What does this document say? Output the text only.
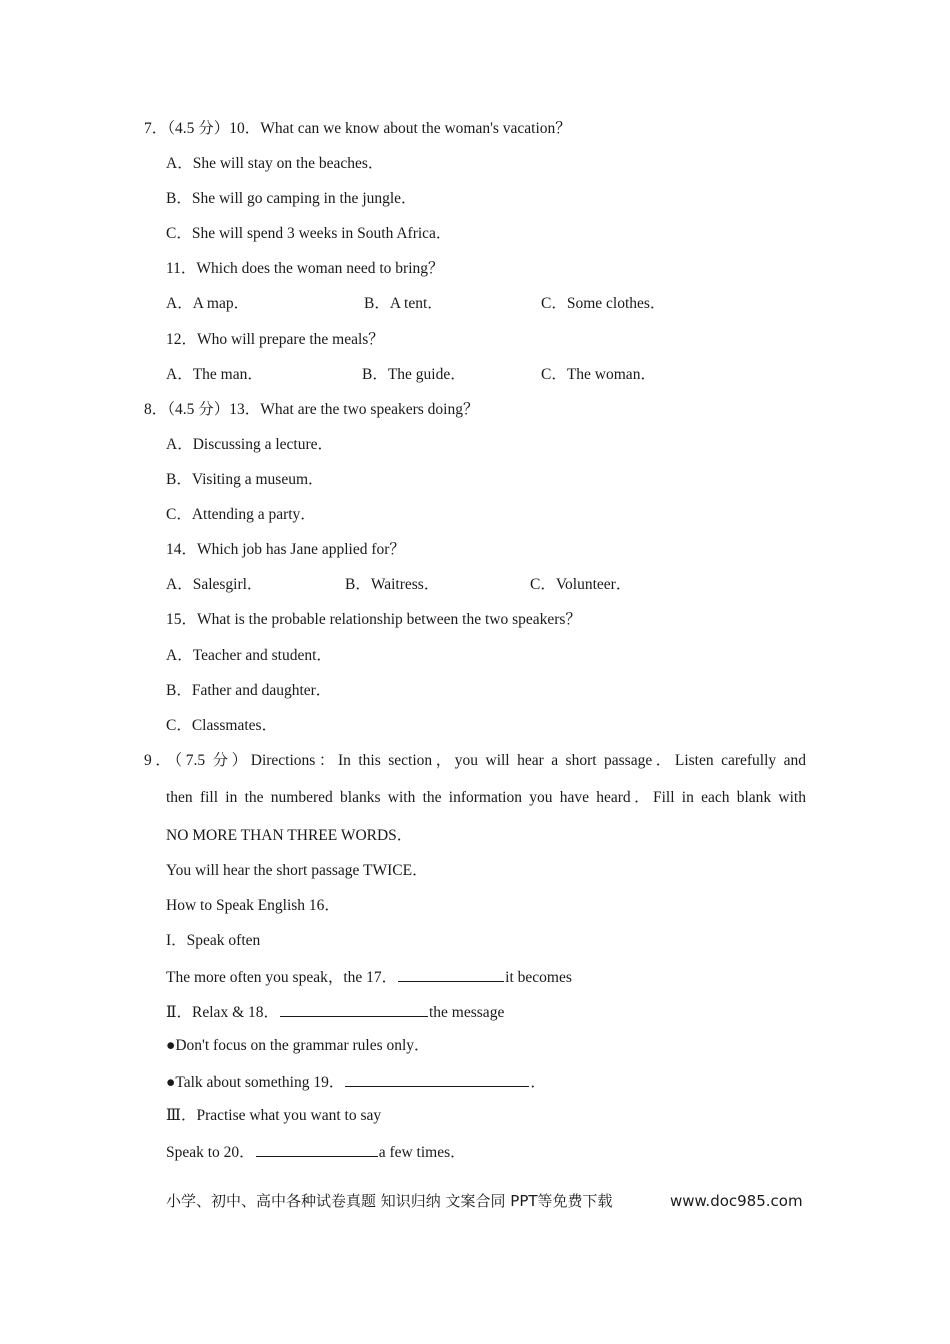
7．（4.5 分）10．What can we know about the woman's vacation？
A．She will stay on the beaches．
B．She will go camping in the jungle．
C．She will spend 3 weeks in South Africa．
11．Which does the woman need to bring？
A．A map．	B．A tent．	C．Some clothes．
12．Who will prepare the meals？
A．The man．	B．The guide．	C．The woman．
8．（4.5 分）13．What are the two speakers doing？
A．Discussing a lecture．
B．Visiting a museum．
C．Attending a party．
14．Which job has Jane applied for？
A．Salesgirl．	B．Waitress．	C．Volunteer．
15．What is the probable relationship between the two speakers？
A．Teacher and student．
B．Father and daughter．
C．Classmates．
9．（7.5 分）Directions：In this section，you will hear a short passage．Listen carefully and
then fill in the numbered blanks with the information you have heard．Fill in each blank with
NO MORE THAN THREE WORDS．
You will hear the short passage TWICE．
How to Speak English 16．
I．Speak often
The more often you speak，the 17．	it becomes
Ⅱ．Relax & 18．	the message
●Don't focus on the grammar rules only．
●Talk about something 19．	．
Ⅲ．Practise what you want to say
Speak to 20．	a few times．
小学、初中、高中各种试卷真题 知识归纳 文案合同 PPT等免费下载	www.doc985.com
